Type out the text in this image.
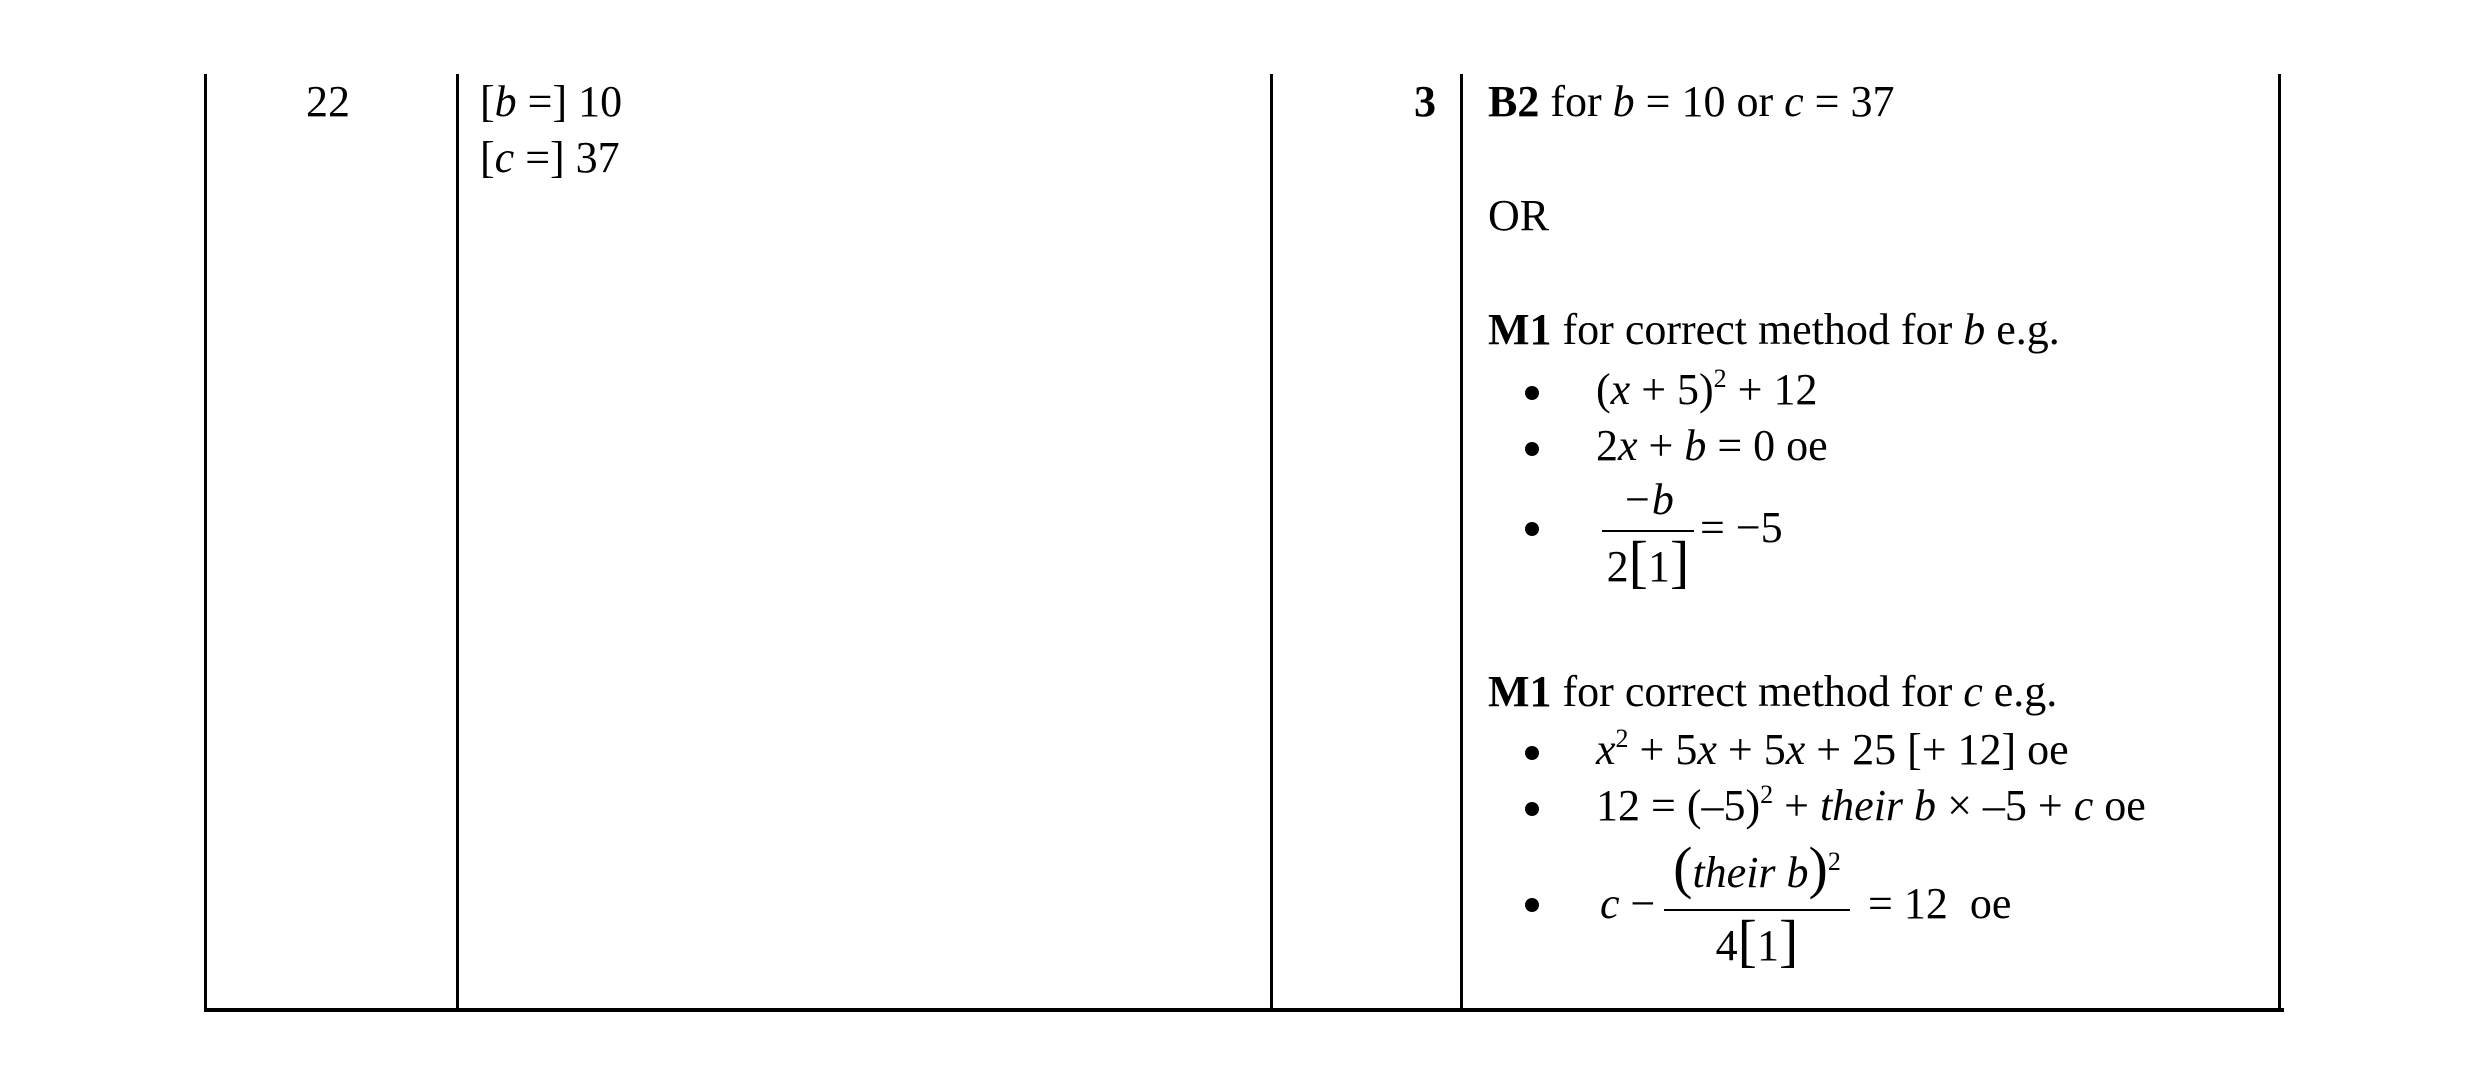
22	[b =] 10
[c =] 37
3 B2 for b = 10 or c = 37
OR
M1 for correct method for b e.g.
$(x + 5)^2 + 12$
2x + b = 0 oe
−b
2[1]
= −5
M1 for correct method for c e.g.
$x^2 + 5x + 5x + 25$ [+ 12] oe
$12 = (-5)^2$ + their b × –5 + c oe
c −
(their b)$^2$
4[1]
= 12  oe
